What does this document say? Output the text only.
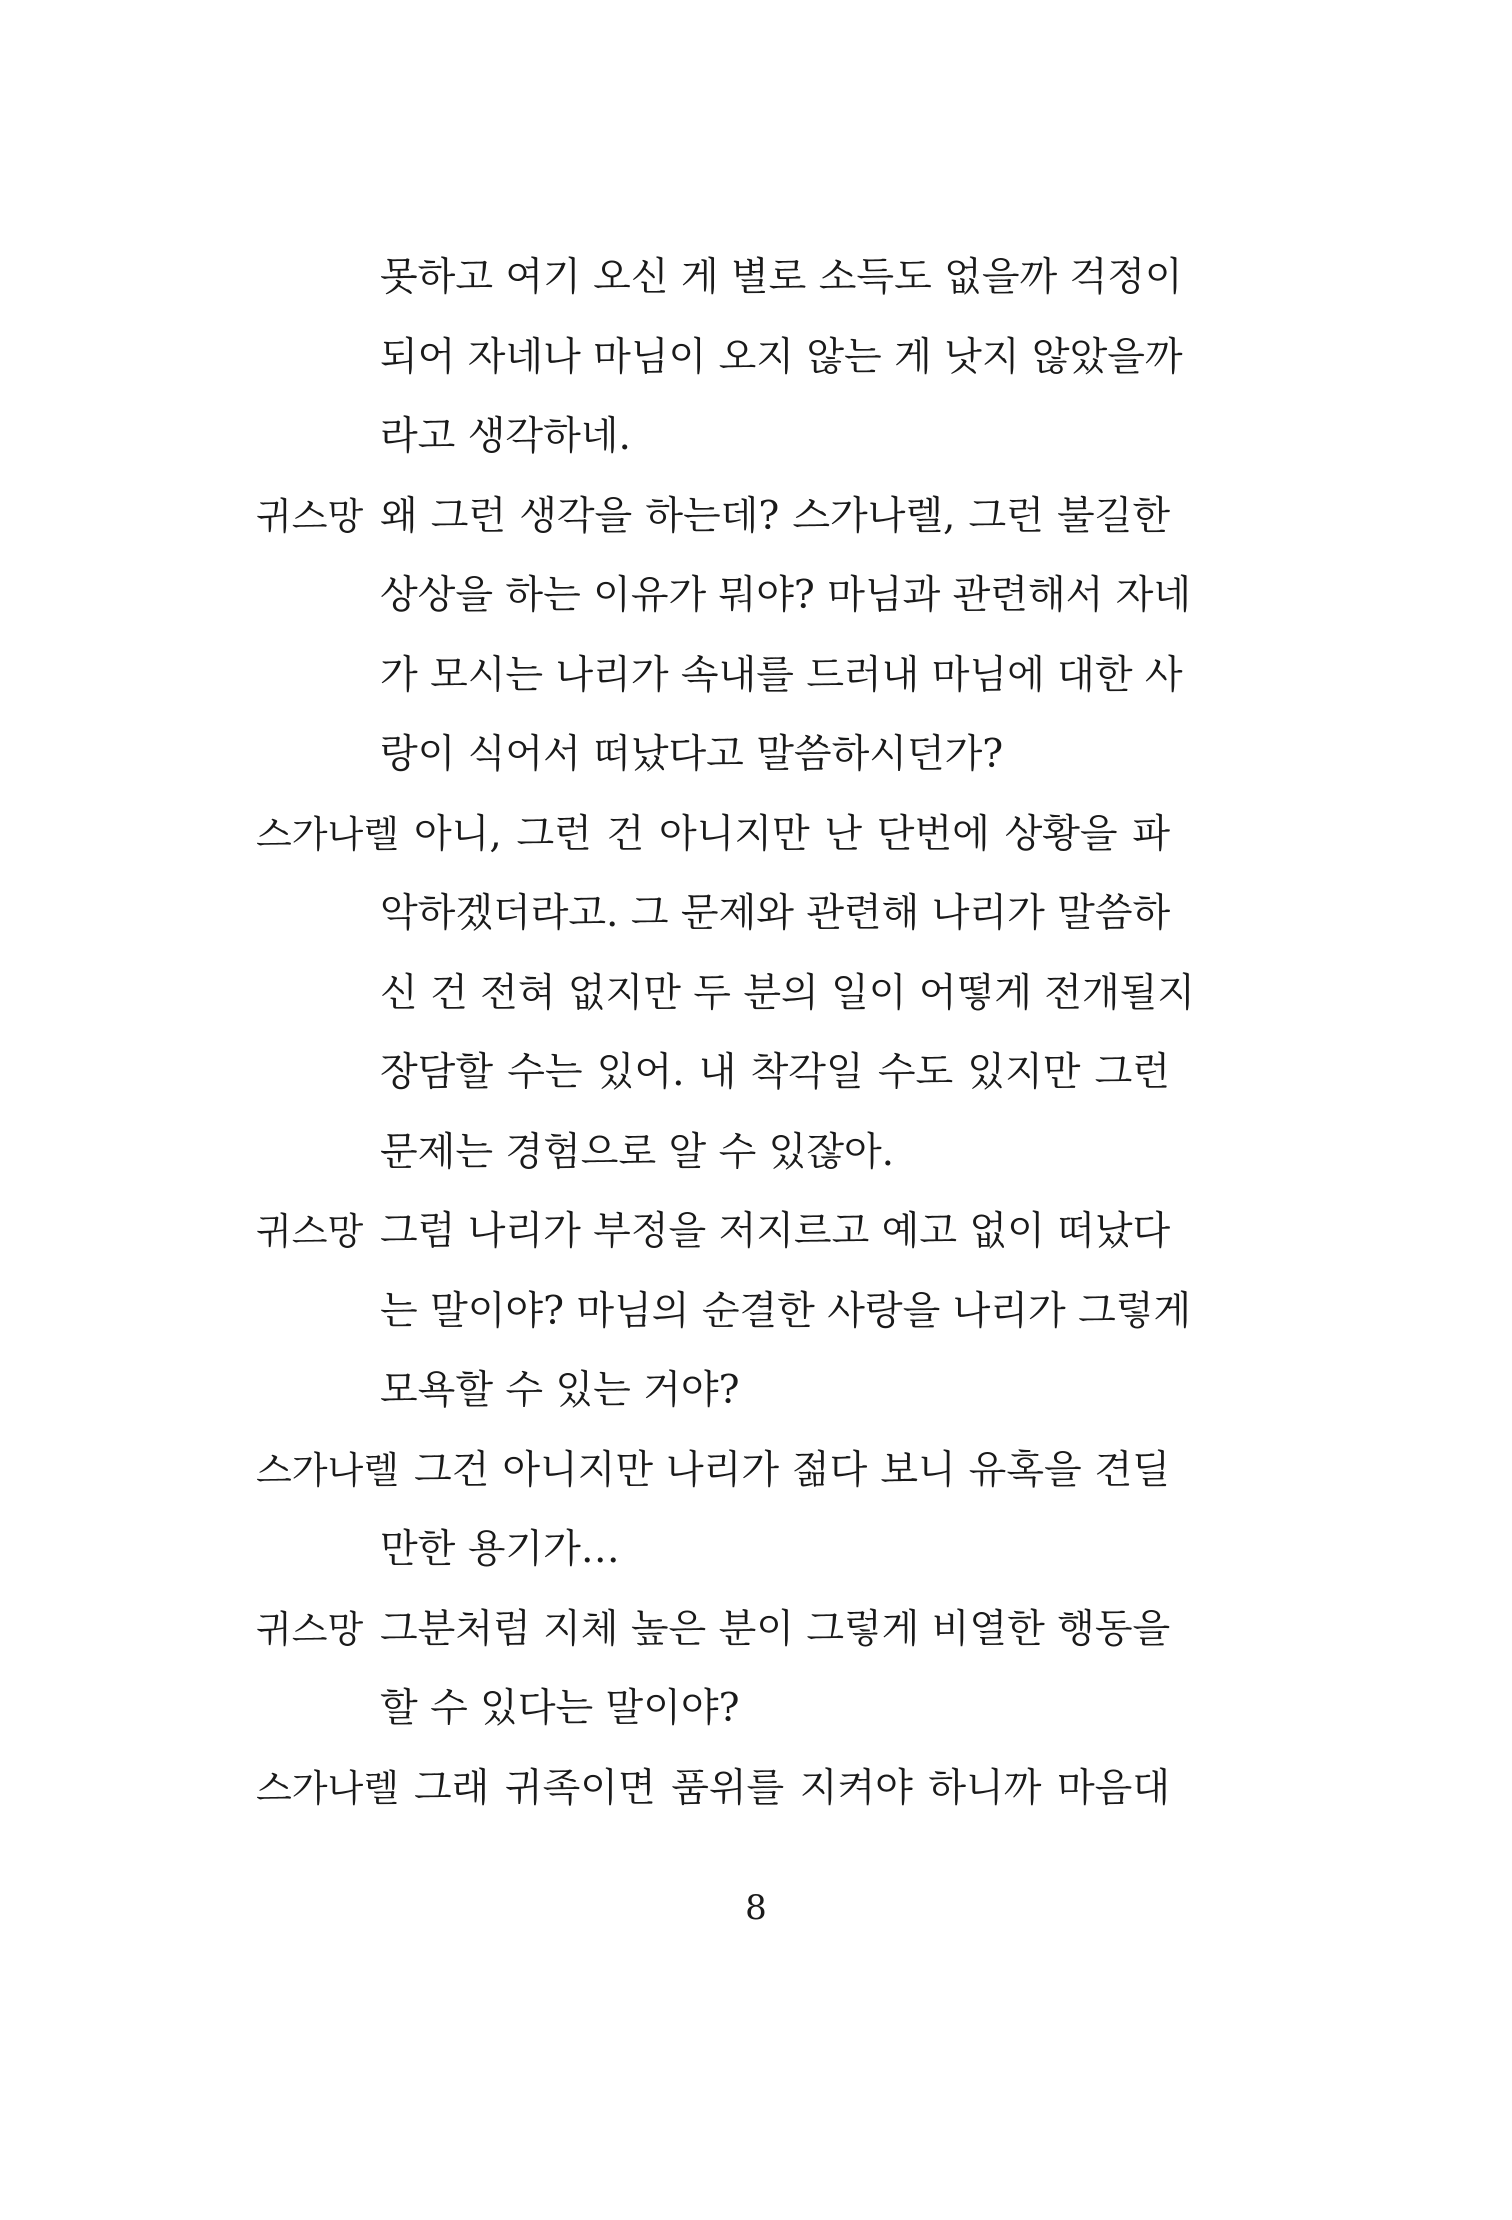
못하고 여기 오신 게 별로 소득도 없을까 걱정이
되어 자네나 마님이 오지 않는 게 낫지 않았을까
라고 생각하네.
귀스망 왜 그런 생각을 하는데? 스가나렐, 그런 불길한
상상을 하는 이유가 뭐야? 마님과 관련해서 자네
가 모시는 나리가 속내를 드러내 마님에 대한 사
랑이 식어서 떠났다고 말씀하시던가?
스가나렐 아니, 그런 건 아니지만 난 단번에 상황을 파
악하겠더라고. 그 문제와 관련해 나리가 말씀하
신 건 전혀 없지만 두 분의 일이 어떻게 전개될지
장담할 수는 있어. 내 착각일 수도 있지만 그런
문제는 경험으로 알 수 있잖아.
귀스망 그럼 나리가 부정을 저지르고 예고 없이 떠났다
는 말이야? 마님의 순결한 사랑을 나리가 그렇게
모욕할 수 있는 거야?
스가나렐 그건 아니지만 나리가 젊다 보니 유혹을 견딜
만한 용기가…
귀스망 그분처럼 지체 높은 분이 그렇게 비열한 행동을
할 수 있다는 말이야?
스가나렐 그래 귀족이면 품위를 지켜야 하니까 마음대
8
